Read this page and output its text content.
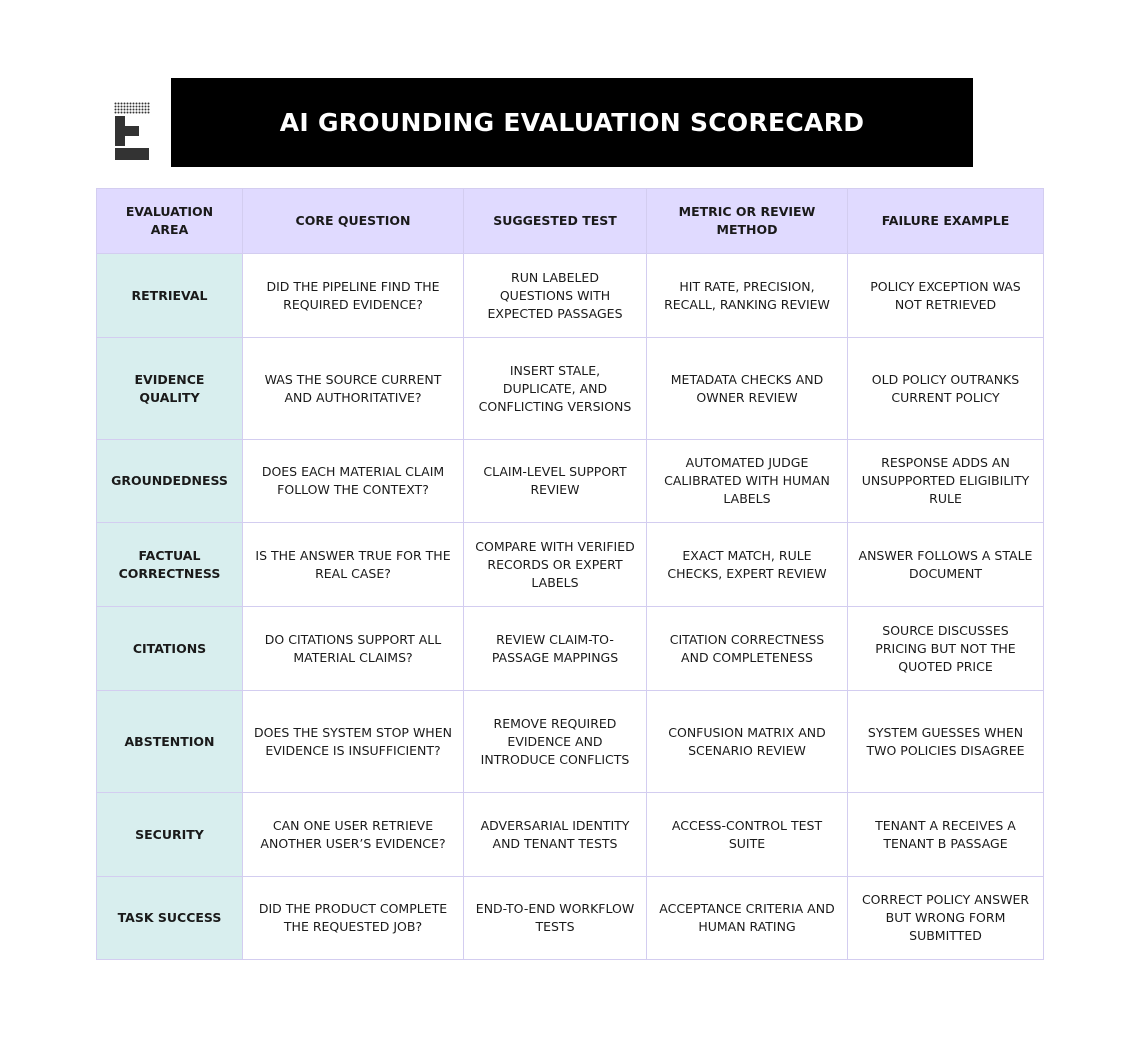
AI GROUNDING EVALUATION SCORECARD
EVALUATION AREA	CORE QUESTION	SUGGESTED TEST	METRIC OR REVIEW METHOD	FAILURE EXAMPLE
RETRIEVAL	DID THE PIPELINE FIND THE REQUIRED EVIDENCE?	RUN LABELED QUESTIONS WITH EXPECTED PASSAGES	HIT RATE, PRECISION, RECALL, RANKING REVIEW	POLICY EXCEPTION WAS NOT RETRIEVED
EVIDENCE QUALITY	WAS THE SOURCE CURRENT AND AUTHORITATIVE?	INSERT STALE, DUPLICATE, AND CONFLICTING VERSIONS	METADATA CHECKS AND OWNER REVIEW	OLD POLICY OUTRANKS CURRENT POLICY
GROUNDEDNESS	DOES EACH MATERIAL CLAIM FOLLOW THE CONTEXT?	CLAIM-LEVEL SUPPORT REVIEW	AUTOMATED JUDGE CALIBRATED WITH HUMAN LABELS	RESPONSE ADDS AN UNSUPPORTED ELIGIBILITY RULE
FACTUAL CORRECTNESS	IS THE ANSWER TRUE FOR THE REAL CASE?	COMPARE WITH VERIFIED RECORDS OR EXPERT LABELS	EXACT MATCH, RULE CHECKS, EXPERT REVIEW	ANSWER FOLLOWS A STALE DOCUMENT
CITATIONS	DO CITATIONS SUPPORT ALL MATERIAL CLAIMS?	REVIEW CLAIM-TO-PASSAGE MAPPINGS	CITATION CORRECTNESS AND COMPLETENESS	SOURCE DISCUSSES PRICING BUT NOT THE QUOTED PRICE
ABSTENTION	DOES THE SYSTEM STOP WHEN EVIDENCE IS INSUFFICIENT?	REMOVE REQUIRED EVIDENCE AND INTRODUCE CONFLICTS	CONFUSION MATRIX AND SCENARIO REVIEW	SYSTEM GUESSES WHEN TWO POLICIES DISAGREE
SECURITY	CAN ONE USER RETRIEVE ANOTHER USER’S EVIDENCE?	ADVERSARIAL IDENTITY AND TENANT TESTS	ACCESS-CONTROL TEST SUITE	TENANT A RECEIVES A TENANT B PASSAGE
TASK SUCCESS	DID THE PRODUCT COMPLETE THE REQUESTED JOB?	END-TO-END WORKFLOW TESTS	ACCEPTANCE CRITERIA AND HUMAN RATING	CORRECT POLICY ANSWER BUT WRONG FORM SUBMITTED
